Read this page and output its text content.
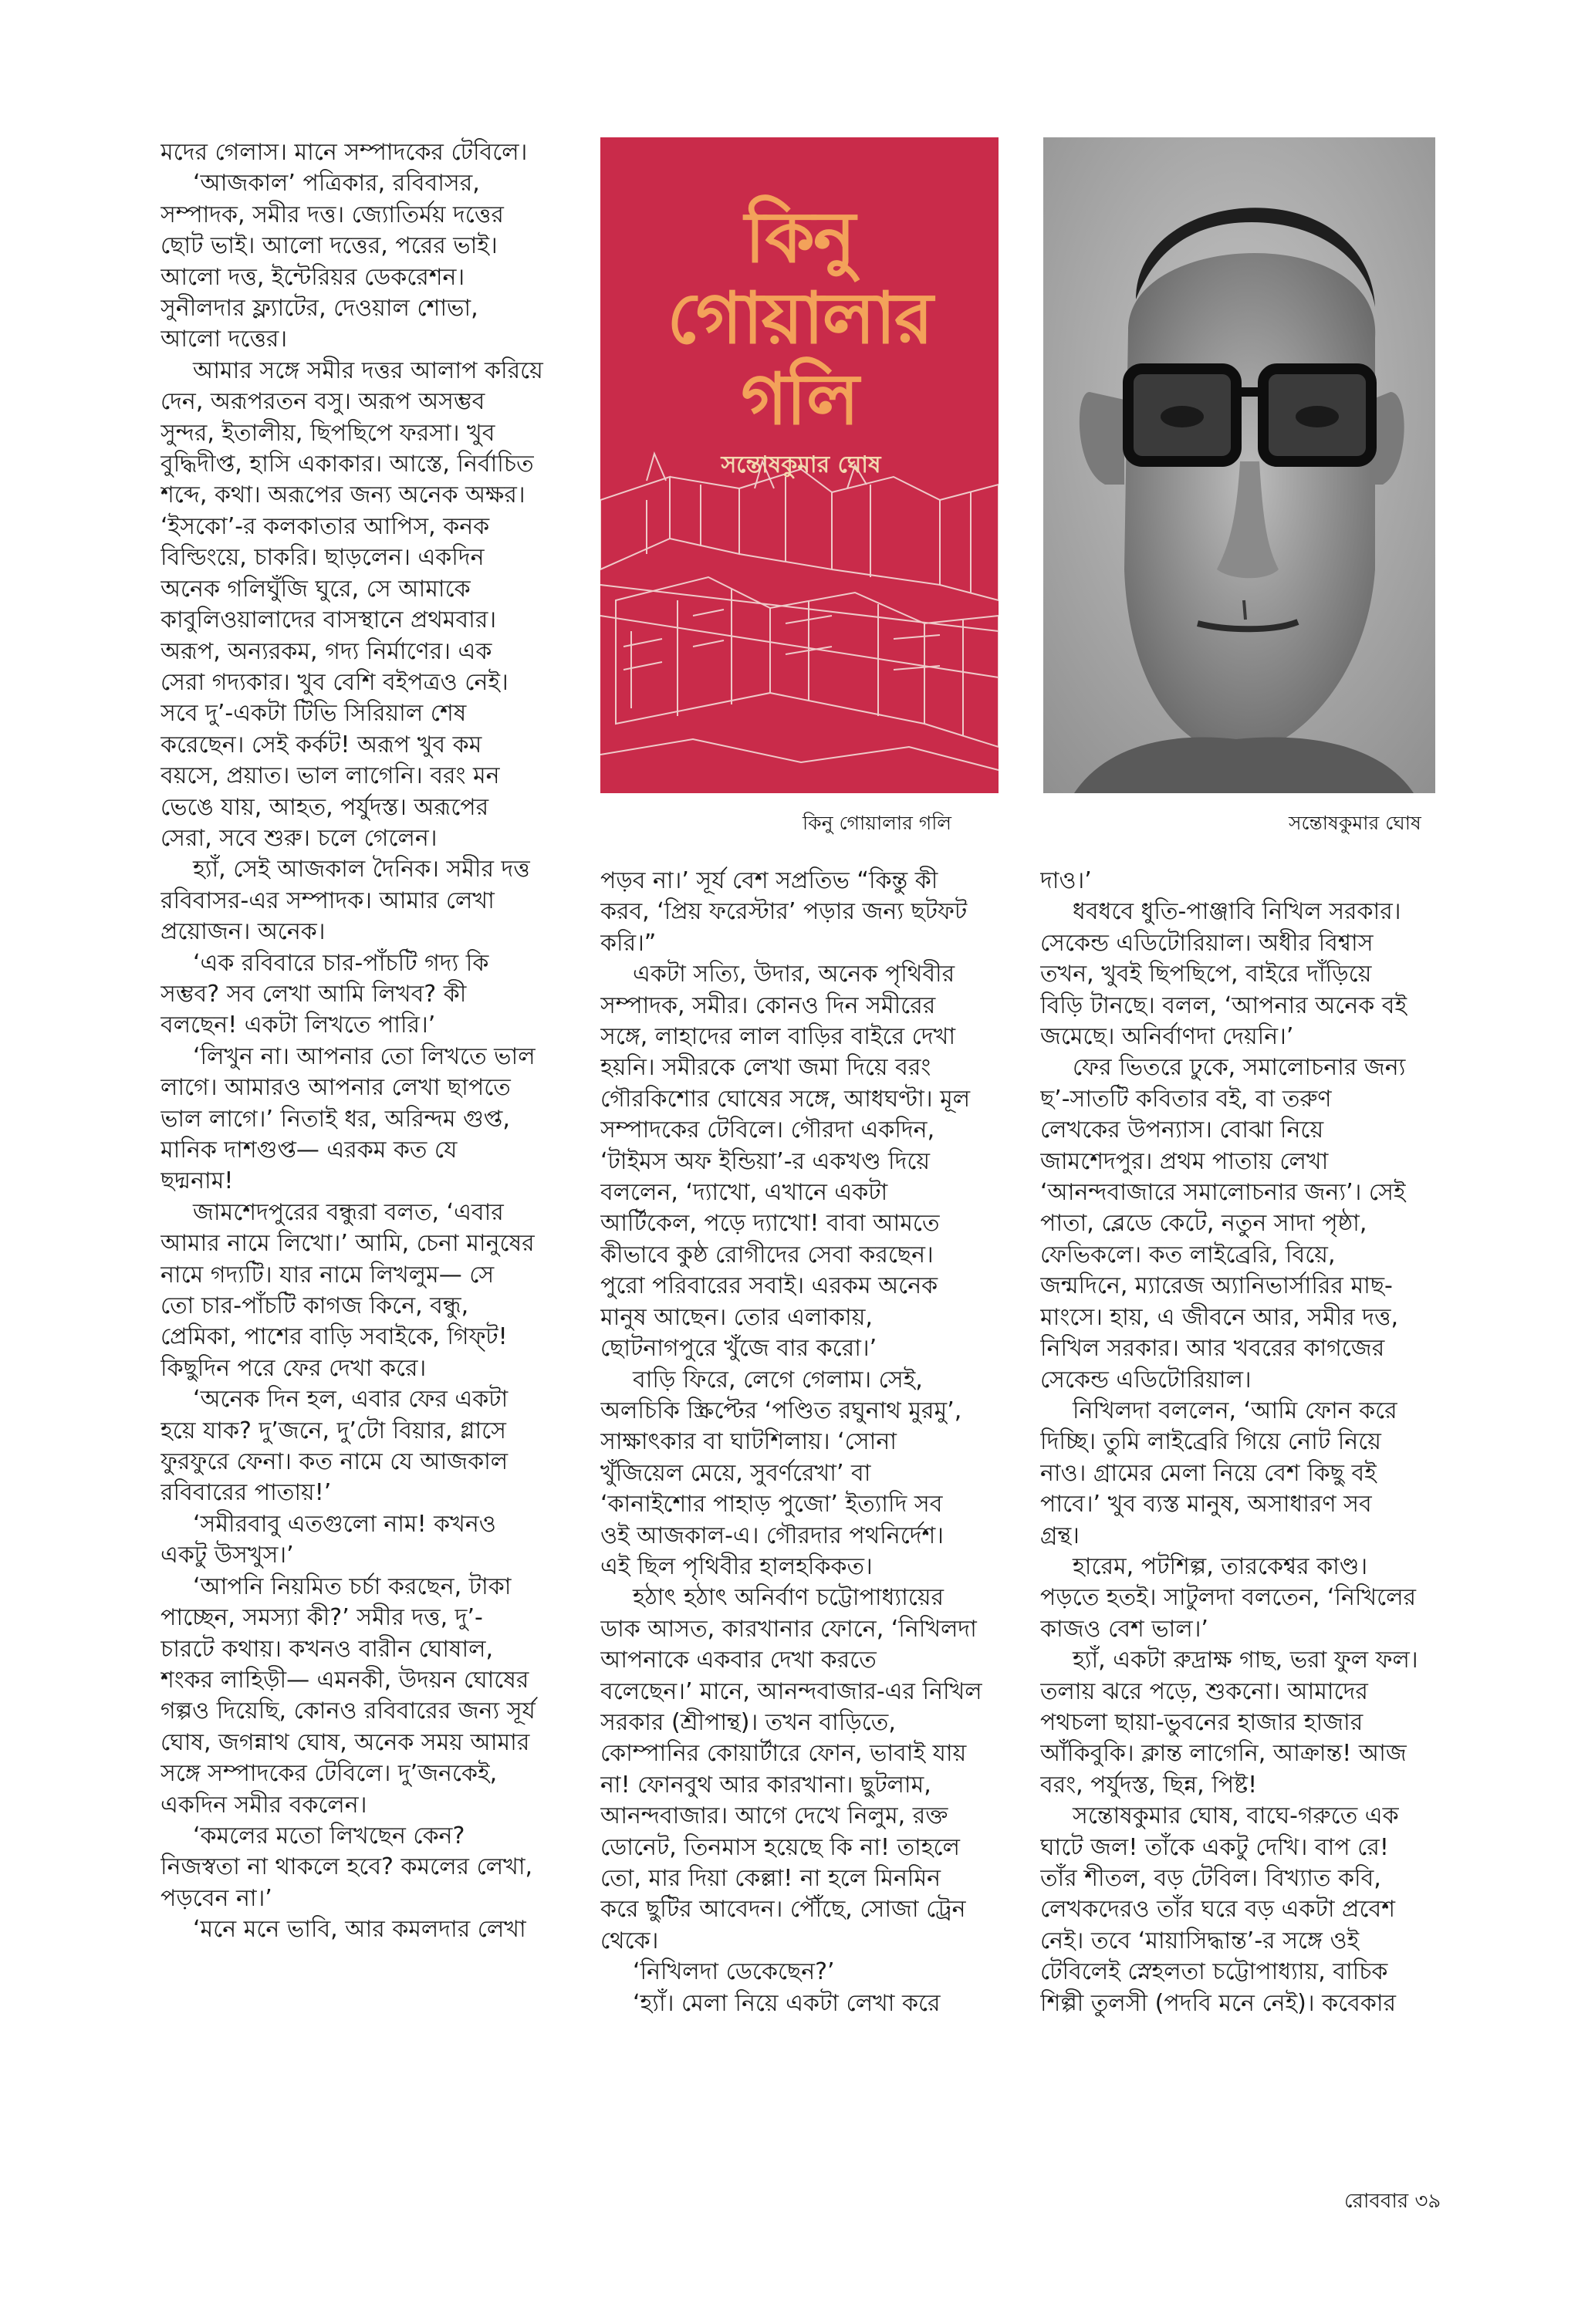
মদের গেলাস। মানে সম্পাদকের টেবিলে।

‘আজকাল’ পত্রিকার, রবিবাসর,

সম্পাদক, সমীর দত্ত। জ্যোতির্ময় দত্তের

ছোট ভাই। আলো দত্তের, পরের ভাই।

আলো দত্ত, ইন্টেরিয়র ডেকরেশন।

সুনীলদার ফ্ল্যাটের, দেওয়াল শোভা,

আলো দত্তের।

আমার সঙ্গে সমীর দত্তর আলাপ করিয়ে

দেন, অরূপরতন বসু। অরূপ অসম্ভব

সুন্দর, ইতালীয়, ছিপছিপে ফরসা। খুব

বুদ্ধিদীপ্ত, হাসি একাকার। আস্তে, নির্বাচিত

শব্দে, কথা। অরূপের জন্য অনেক অক্ষর।

‘ইসকো’-র কলকাতার আপিস, কনক

বিল্ডিংয়ে, চাকরি। ছাড়লেন। একদিন

অনেক গলিঘুঁজি ঘুরে, সে আমাকে

কাবুলিওয়ালাদের বাসস্থানে প্রথমবার।

অরূপ, অন্যরকম, গদ্য নির্মাণের। এক

সেরা গদ্যকার। খুব বেশি বইপত্রও নেই।

সবে দু’-একটা টিভি সিরিয়াল শেষ

করেছেন। সেই কর্কট! অরূপ খুব কম

বয়সে, প্রয়াত। ভাল লাগেনি। বরং মন

ভেঙে যায়, আহত, পর্যুদস্ত। অরূপের

সেরা, সবে শুরু। চলে গেলেন।

হ্যাঁ, সেই আজকাল দৈনিক। সমীর দত্ত

রবিবাসর-এর সম্পাদক। আমার লেখা

প্রয়োজন। অনেক।

‘এক রবিবারে চার-পাঁচটি গদ্য কি

সম্ভব? সব লেখা আমি লিখব? কী

বলছেন! একটা লিখতে পারি।’

‘লিখুন না। আপনার তো লিখতে ভাল

লাগে। আমারও আপনার লেখা ছাপতে

ভাল লাগে।’ নিতাই ধর, অরিন্দম গুপ্ত,

মানিক দাশগুপ্ত— এরকম কত যে

ছদ্মনাম!

জামশেদপুরের বন্ধুরা বলত, ‘এবার

আমার নামে লিখো।’ আমি, চেনা মানুষের

নামে গদ্যটি। যার নামে লিখলুম— সে

তো চার-পাঁচটি কাগজ কিনে, বন্ধু,

প্রেমিকা, পাশের বাড়ি সবাইকে, গিফ্‌ট!

কিছুদিন পরে ফের দেখা করে।

‘অনেক দিন হল, এবার ফের একটা

হয়ে যাক? দু’জনে, দু’টো বিয়ার, গ্লাসে

ফুরফুরে ফেনা। কত নামে যে আজকাল

রবিবারের পাতায়!’

‘সমীরবাবু এতগুলো নাম! কখনও

একটু উসখুস।’

‘আপনি নিয়মিত চর্চা করছেন, টাকা

পাচ্ছেন, সমস্যা কী?’ সমীর দত্ত, দু’-

চারটে কথায়। কখনও বারীন ঘোষাল,

শংকর লাহিড়ী— এমনকী, উদয়ন ঘোষের

গল্পও দিয়েছি, কোনও রবিবারের জন্য সূর্য

ঘোষ, জগন্নাথ ঘোষ, অনেক সময় আমার

সঙ্গে সম্পাদকের টেবিলে। দু’জনকেই,

একদিন সমীর বকলেন।

‘কমলের মতো লিখছেন কেন?

নিজস্বতা না থাকলে হবে? কমলের লেখা,

পড়বেন না।’

‘মনে মনে ভাবি, আর কমলদার লেখা

কিনু
গোয়ালার
গলি
সন্তোষকুমার ঘোষ
কিনু গোয়ালার গলি	সন্তোষকুমার ঘোষ

পড়ব না।’ সূর্য বেশ সপ্রতিভ “কিন্তু কী

করব, ‘প্রিয় ফরেস্টার’ পড়ার জন্য ছটফট

করি।”

একটা সত্যি, উদার, অনেক পৃথিবীর

সম্পাদক, সমীর। কোনও দিন সমীরের

সঙ্গে, লাহাদের লাল বাড়ির বাইরে দেখা

হয়নি। সমীরকে লেখা জমা দিয়ে বরং

গৌরকিশোর ঘোষের সঙ্গে, আধঘণ্টা। মূল

সম্পাদকের টেবিলে। গৌরদা একদিন,

‘টাইমস অফ ইন্ডিয়া’-র একখণ্ড দিয়ে

বললেন, ‘দ্যাখো, এখানে একটা

আর্টিকেল, পড়ে দ্যাখো! বাবা আমতে

কীভাবে কুষ্ঠ রোগীদের সেবা করছেন।

পুরো পরিবারের সবাই। এরকম অনেক

মানুষ আছেন। তোর এলাকায়,

ছোটনাগপুরে খুঁজে বার করো।’

বাড়ি ফিরে, লেগে গেলাম। সেই,

অলচিকি স্ক্রিপ্টের ‘পণ্ডিত রঘুনাথ মুরমু’,

সাক্ষাৎকার বা ঘাটশিলায়। ‘সোনা

খুঁজিয়েল মেয়ে, সুবর্ণরেখা’ বা

‘কানাইশোর পাহাড় পুজো’ ইত্যাদি সব

ওই আজকাল-এ। গৌরদার পথনির্দেশ।

এই ছিল পৃথিবীর হালহকিকত।

হঠাৎ হঠাৎ অনির্বাণ চট্টোপাধ্যায়ের

ডাক আসত, কারখানার ফোনে, ‘নিখিলদা

আপনাকে একবার দেখা করতে

বলেছেন।’ মানে, আনন্দবাজার-এর নিখিল

সরকার (শ্রীপান্থ)। তখন বাড়িতে,

কোম্পানির কোয়ার্টারে ফোন, ভাবাই যায়

না! ফোনবুথ আর কারখানা। ছুটলাম,

আনন্দবাজার। আগে দেখে নিলুম, রক্ত

ডোনেট, তিনমাস হয়েছে কি না! তাহলে

তো, মার দিয়া কেল্লা! না হলে মিনমিন

করে ছুটির আবেদন। পৌঁছে, সোজা ট্রেন

থেকে।

‘নিখিলদা ডেকেছেন?’

‘হ্যাঁ। মেলা নিয়ে একটা লেখা করে

দাও।’

ধবধবে ধুতি-পাঞ্জাবি নিখিল সরকার।

সেকেন্ড এডিটোরিয়াল। অধীর বিশ্বাস

তখন, খুবই ছিপছিপে, বাইরে দাঁড়িয়ে

বিড়ি টানছে। বলল, ‘আপনার অনেক বই

জমেছে। অনির্বাণদা দেয়নি।’

ফের ভিতরে ঢুকে, সমালোচনার জন্য

ছ’-সাতটি কবিতার বই, বা তরুণ

লেখকের উপন্যাস। বোঝা নিয়ে

জামশেদপুর। প্রথম পাতায় লেখা

‘আনন্দবাজারে সমালোচনার জন্য’। সেই

পাতা, ব্লেডে কেটে, নতুন সাদা পৃষ্ঠা,

ফেভিকলে। কত লাইব্রেরি, বিয়ে,

জন্মদিনে, ম্যারেজ অ্যানিভার্সারির মাছ-

মাংসে। হায়, এ জীবনে আর, সমীর দত্ত,

নিখিল সরকার। আর খবরের কাগজের

সেকেন্ড এডিটোরিয়াল।

নিখিলদা বললেন, ‘আমি ফোন করে

দিচ্ছি। তুমি লাইব্রেরি গিয়ে নোট নিয়ে

নাও। গ্রামের মেলা নিয়ে বেশ কিছু বই

পাবে।’ খুব ব্যস্ত মানুষ, অসাধারণ সব

গ্রন্থ।

হারেম, পটশিল্প, তারকেশ্বর কাণ্ড।

পড়তে হতই। সাটুলদা বলতেন, ‘নিখিলের

কাজও বেশ ভাল।’

হ্যাঁ, একটা রুদ্রাক্ষ গাছ, ভরা ফুল ফল।

তলায় ঝরে পড়ে, শুকনো। আমাদের

পথচলা ছায়া-ভুবনের হাজার হাজার

আঁকিবুকি। ক্লান্ত লাগেনি, আক্রান্ত! আজ

বরং, পর্যুদস্ত, ছিন্ন, পিষ্ট!

সন্তোষকুমার ঘোষ, বাঘে-গরুতে এক

ঘাটে জল! তাঁকে একটু দেখি। বাপ রে!

তাঁর শীতল, বড় টেবিল। বিখ্যাত কবি,

লেখকদেরও তাঁর ঘরে বড় একটা প্রবেশ

নেই। তবে ‘মায়াসিদ্ধান্ত’-র সঙ্গে ওই

টেবিলেই স্নেহলতা চট্টোপাধ্যায়, বাচিক

শিল্পী তুলসী (পদবি মনে নেই)। কবেকার

রোববার ৩৯
